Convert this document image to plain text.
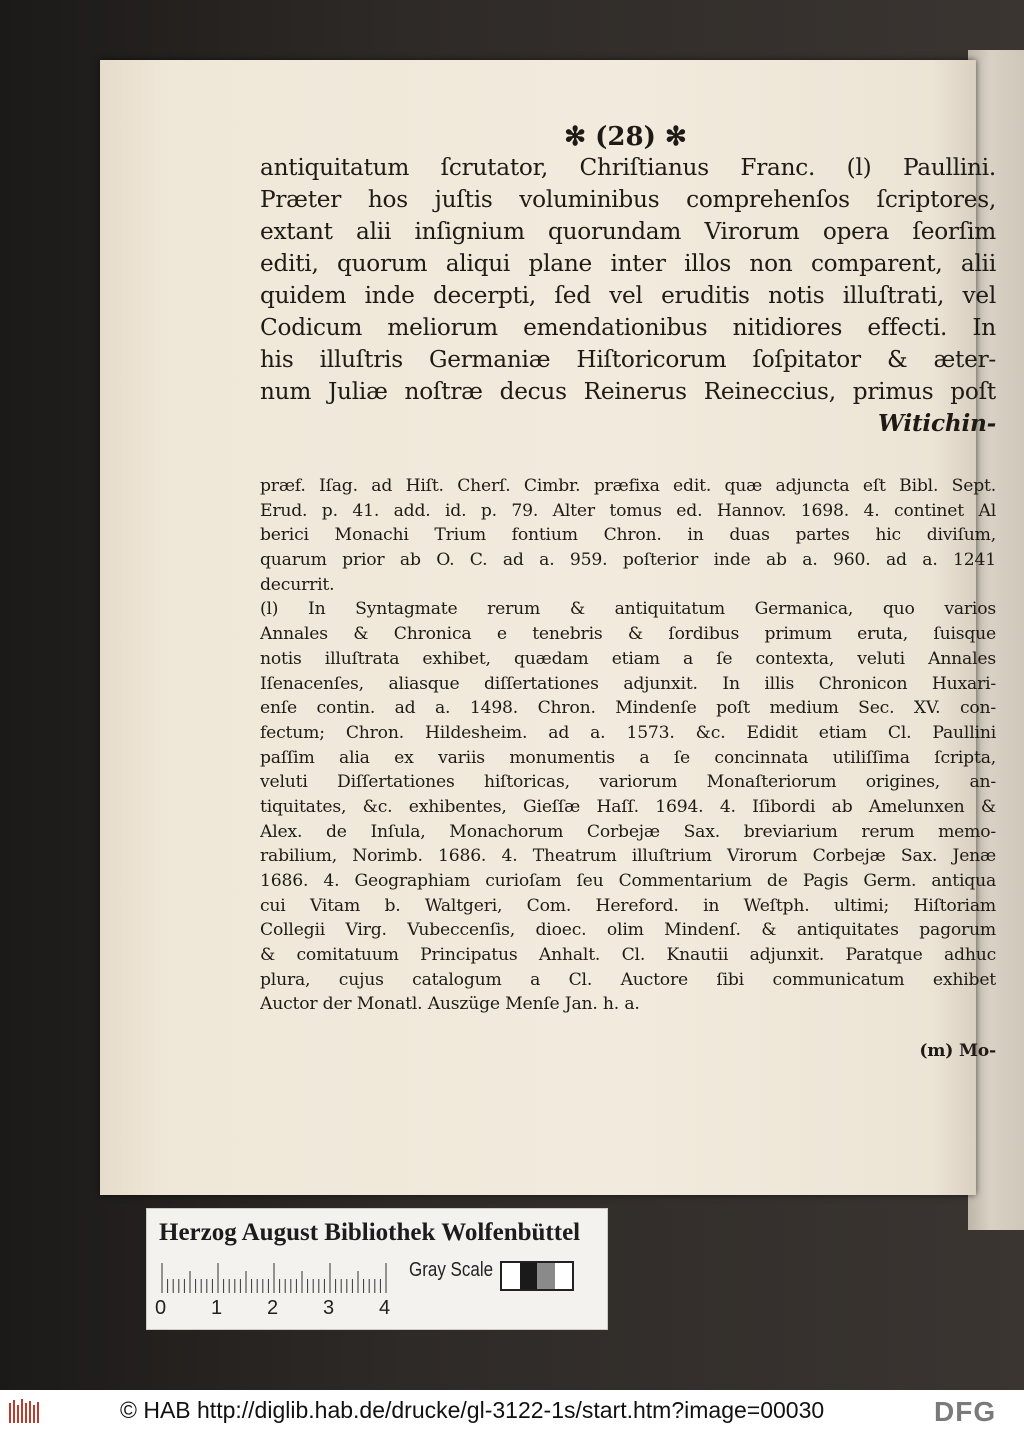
✻ (28) ✻
antiquitatum ſcrutator, Chriſtianus Franc. (l) Paullini.
Præter hos juſtis voluminibus comprehenſos ſcriptores,
extant alii inſignium quorundam Virorum opera ſeorſim
editi, quorum aliqui plane inter illos non comparent, alii
quidem inde decerpti, ſed vel eruditis notis illuſtrati, vel
Codicum meliorum emendationibus nitidiores effecti. In
his illuſtris Germaniæ Hiſtoricorum ſoſpitator & æter-
num Juliæ noſtræ decus Reinerus Reineccius, primus poſt
Witichin-
præf. Iſag. ad Hiſt. Cherſ. Cimbr. præfixa edit. quæ adjuncta eſt Bibl. Sept.
Erud. p. 41. add. id. p. 79. Alter tomus ed. Hannov. 1698. 4. continet Al
berici Monachi Trium fontium Chron. in duas partes hic diviſum,
quarum prior ab O. C. ad a. 959. poſterior inde ab a. 960. ad a. 1241
decurrit.
(l) In Syntagmate rerum & antiquitatum Germanica, quo varios
Annales & Chronica e tenebris & ſordibus primum eruta, ſuisque
notis illuſtrata exhibet, quædam etiam a ſe contexta, veluti Annales
Iſenacenſes, aliasque diſſertationes adjunxit. In illis Chronicon Huxari-
enſe contin. ad a. 1498. Chron. Mindenſe poſt medium Sec. XV. con-
fectum; Chron. Hildesheim. ad a. 1573. &c. Edidit etiam Cl. Paullini
paſſim alia ex variis monumentis a ſe concinnata utiliſſima ſcripta,
veluti Diſſertationes hiſtoricas, variorum Monaſteriorum origines, an-
tiquitates, &c. exhibentes, Gieſſæ Haſſ. 1694. 4. Iſibordi ab Amelunxen &
Alex. de Inſula, Monachorum Corbejæ Sax. breviarium rerum memo-
rabilium, Norimb. 1686. 4. Theatrum illuſtrium Virorum Corbejæ Sax. Jenæ
1686. 4. Geographiam curioſam ſeu Commentarium de Pagis Germ. antiqua
cui Vitam b. Waltgeri, Com. Hereford. in Weſtph. ultimi; Hiſtoriam
Collegii Virg. Vubeccenſis, dioec. olim Mindenſ. & antiquitates pagorum
& comitatuum Principatus Anhalt. Cl. Knautii adjunxit. Paratque adhuc
plura, cujus catalogum a Cl. Auctore ſibi communicatum exhibet
Auctor der Monatl. Auszüge Menſe Jan. h. a.
(m) Mo-
Herzog August Bibliothek Wolfenbüttel
0 1 2 3 4
Gray Scale
© HAB http://diglib.hab.de/drucke/gl-3122-1s/start.htm?image=00030	DFG
